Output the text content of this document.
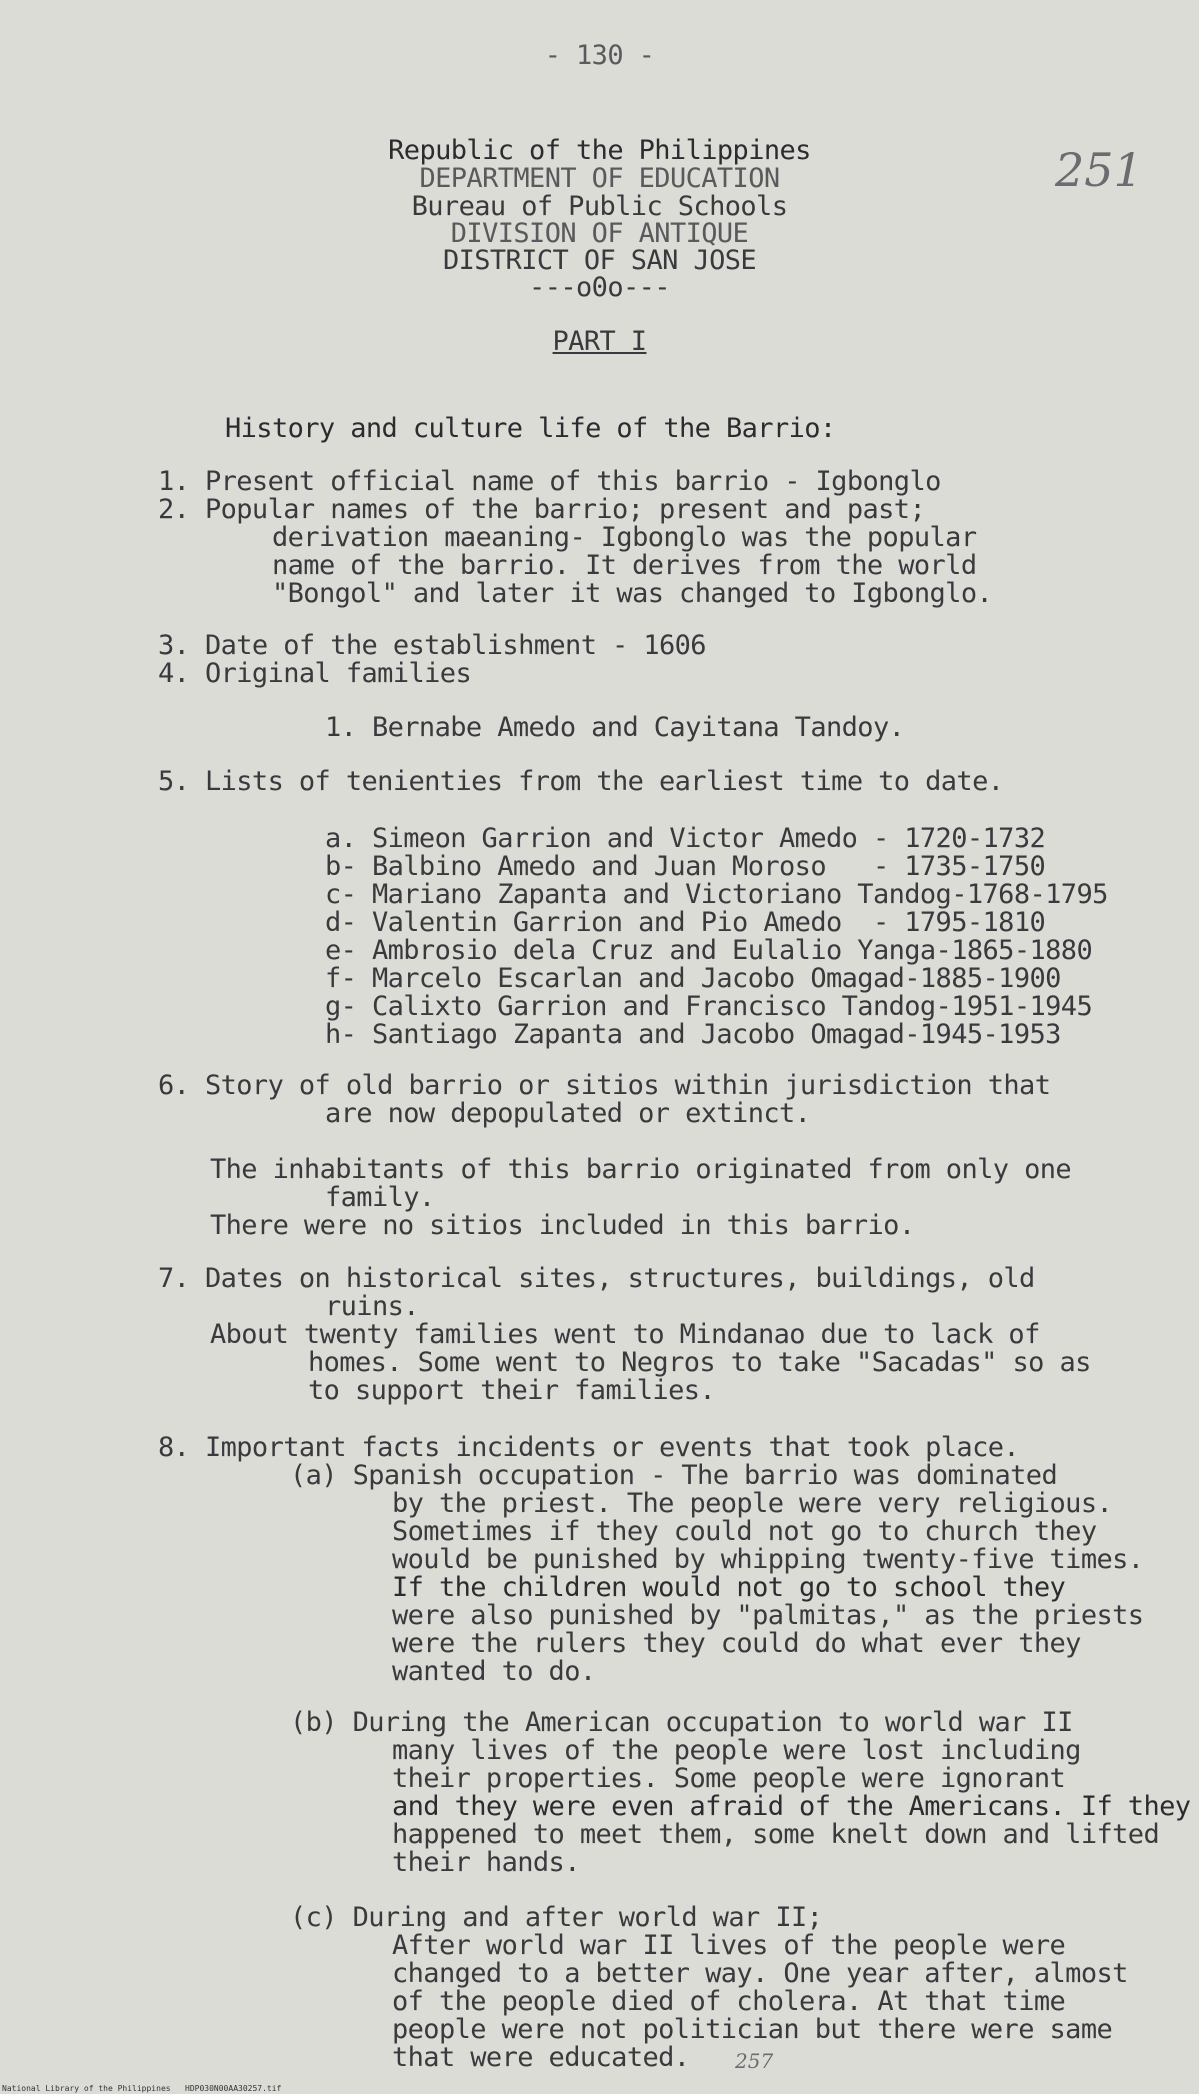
- 130 -
251
Republic of the Philippines
DEPARTMENT OF EDUCATION
Bureau of Public Schools
DIVISION OF ANTIQUE
DISTRICT OF SAN JOSE
---o0o---
PART I
History and culture life of the Barrio:
1. Present official name of this barrio - Igbonglo
2. Popular names of the barrio; present and past;
derivation maeaning- Igbonglo was the popular
name of the barrio. It derives from the world
"Bongol" and later it was changed to Igbonglo.
3. Date of the establishment - 1606
4. Original families
1. Bernabe Amedo and Cayitana Tandoy.
5. Lists of tenienties from the earliest time to date.
a. Simeon Garrion and Victor Amedo - 1720-1732
b- Balbino Amedo and Juan Moroso   - 1735-1750
c- Mariano Zapanta and Victoriano Tandog-1768-1795
d- Valentin Garrion and Pio Amedo  - 1795-1810
e- Ambrosio dela Cruz and Eulalio Yanga-1865-1880
f- Marcelo Escarlan and Jacobo Omagad-1885-1900
g- Calixto Garrion and Francisco Tandog-1951-1945
h- Santiago Zapanta and Jacobo Omagad-1945-1953
6. Story of old barrio or sitios within jurisdiction that
are now depopulated or extinct.
The inhabitants of this barrio originated from only one
family.
There were no sitios included in this barrio.
7. Dates on historical sites, structures, buildings, old
ruins.
About twenty families went to Mindanao due to lack of
homes. Some went to Negros to take "Sacadas" so as
to support their families.
8. Important facts incidents or events that took place.
(a) Spanish occupation - The barrio was dominated
by the priest. The people were very religious.
Sometimes if they could not go to church they
would be punished by whipping twenty-five times.
If the children would not go to school they
were also punished by "palmitas," as the priests
were the rulers they could do what ever they
wanted to do.
(b) During the American occupation to world war II
many lives of the people were lost including
their properties. Some people were ignorant
and they were even afraid of the Americans. If they
happened to meet them, some knelt down and lifted
their hands.
(c) During and after world war II;
After world war II lives of the people were
changed to a better way. One year after, almost
of the people died of cholera. At that time
people were not politician but there were same
that were educated. 257
National Library of the Philippines   HDP030N00AA30257.tif
